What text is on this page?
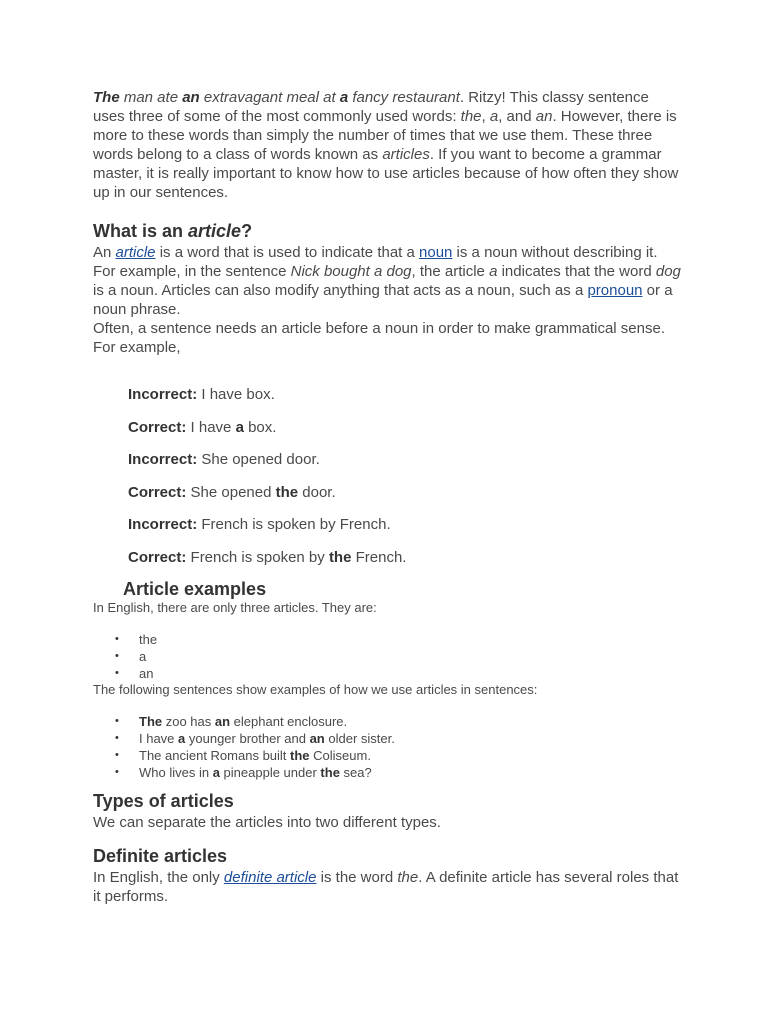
The man ate an extravagant meal at a fancy restaurant. Ritzy! This classy sentence uses three of some of the most commonly used words: the, a, and an. However, there is more to these words than simply the number of times that we use them. These three words belong to a class of words known as articles. If you want to become a grammar master, it is really important to know how to use articles because of how often they show up in our sentences.

What is an article?

An article is a word that is used to indicate that a noun is a noun without describing it. For example, in the sentence Nick bought a dog, the article a indicates that the word dog is a noun. Articles can also modify anything that acts as a noun, such as a pronoun or a noun phrase.
Often, a sentence needs an article before a noun in order to make grammatical sense. For example,

Incorrect: I have box.

Correct: I have a box.

Incorrect: She opened door.

Correct: She opened the door.

Incorrect: French is spoken by French.

Correct: French is spoken by the French.

Article examples

In English, there are only three articles. They are:

• the
• a
• an

The following sentences show examples of how we use articles in sentences:

• The zoo has an elephant enclosure.
• I have a younger brother and an older sister.
• The ancient Romans built the Coliseum.
• Who lives in a pineapple under the sea?
Types of articles

We can separate the articles into two different types.

Definite articles

In English, the only definite article is the word the. A definite article has several roles that it performs.
